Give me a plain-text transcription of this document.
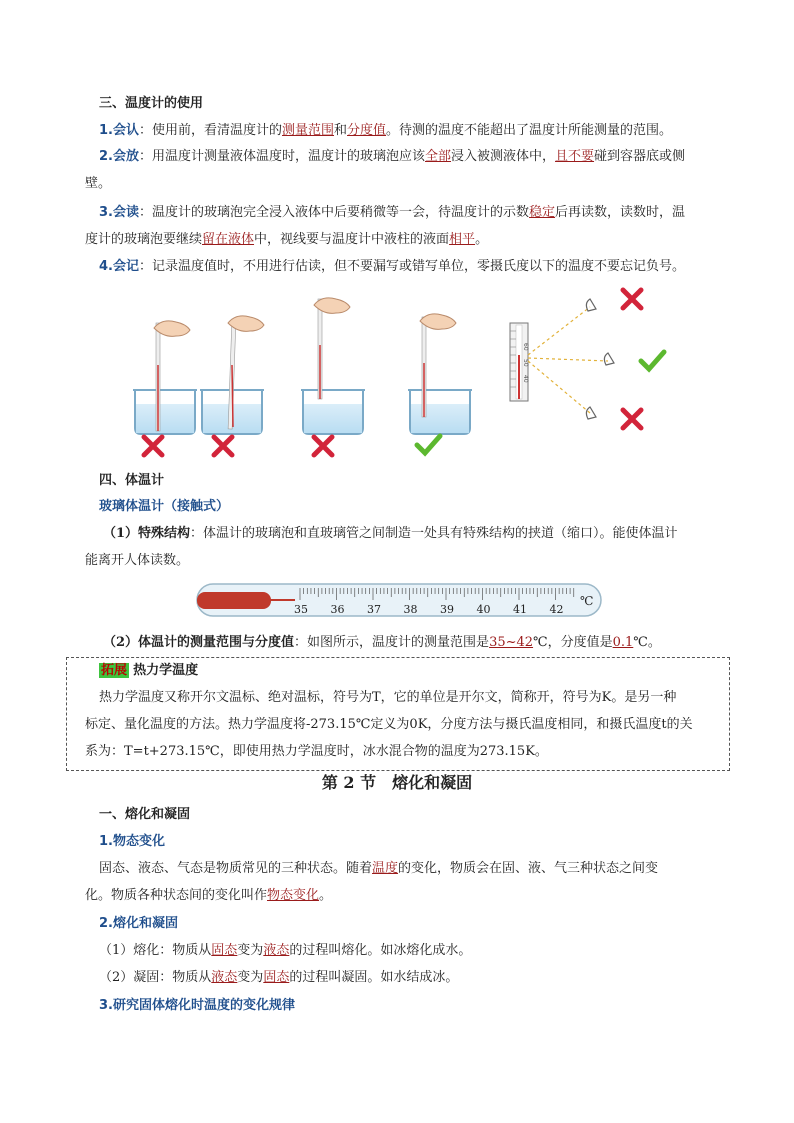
三、温度计的使用
1.会认：使用前，看清温度计的测量范围和分度值。待测的温度不能超出了温度计所能测量的范围。
2.会放：用温度计测量液体温度时，温度计的玻璃泡应该全部浸入被测液体中，且不要碰到容器底或侧
壁。
3.会读：温度计的玻璃泡完全浸入液体中后要稍微等一会，待温度计的示数稳定后再读数，读数时，温
度计的玻璃泡要继续留在液体中，视线要与温度计中液柱的液面相平。
4.会记：记录温度值时，不用进行估读，但不要漏写或错写单位，零摄氏度以下的温度不要忘记负号。
60
50
40
四、体温计
玻璃体温计（接触式）
（1）特殊结构：体温计的玻璃泡和直玻璃管之间制造一处具有特殊结构的挟道（缩口）。能使体温计
能离开人体读数。
℃
35 36 37 38 39 40 41 42
（2）体温计的测量范围与分度值：如图所示，温度计的测量范围是35~42℃，分度值是0.1℃。
拓展 热力学温度
热力学温度又称开尔文温标、绝对温标，符号为T，它的单位是开尔文，简称开，符号为K。是另一种
标定、量化温度的方法。热力学温度将-273.15℃定义为0K，分度方法与摄氏温度相同，和摄氏温度t的关
系为：T=t+273.15℃，即使用热力学温度时，冰水混合物的温度为273.15K。
第 2 节　熔化和凝固
一、熔化和凝固
1.物态变化
固态、液态、气态是物质常见的三种状态。随着温度的变化，物质会在固、液、气三种状态之间变
化。物质各种状态间的变化叫作物态变化。
2.熔化和凝固
（1）熔化：物质从固态变为液态的过程叫熔化。如冰熔化成水。
（2）凝固：物质从液态变为固态的过程叫凝固。如水结成冰。
3.研究固体熔化时温度的变化规律
